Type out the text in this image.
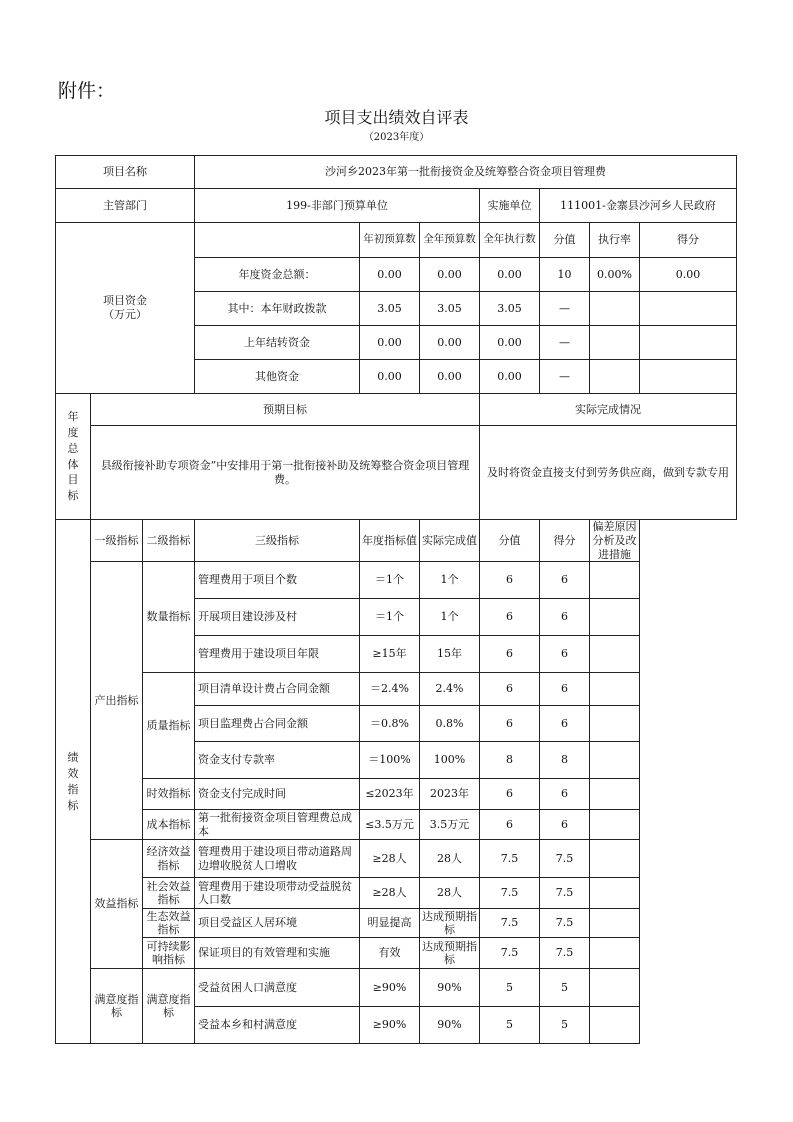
附件：
项目支出绩效自评表
（2023年度）
项目名称			沙河乡2023年第一批衔接资金及统筹整合资金项目管理费						
主管部门			199-非部门预算单位			实施单位	111001-金寨县沙河乡人民政府		
项目资金（万元）				年初预算数	全年预算数	全年执行数	分值	执行率	得分
			年度资金总额：	0.00	0.00	0.00	10	0.00%	0.00
			其中：本年财政拨款	3.05	3.05	3.05	—		
			上年结转资金	0.00	0.00	0.00	—		
			其他资金	0.00	0.00	0.00	—		
年度总体目标	预期目标					实际完成情况			
	县级衔接补助专项资金”中安排用于第一批衔接补助及统筹整合资金项目管理费。					及时将资金直接支付到劳务供应商，做到专款专用			
绩效指标	一级指标	二级指标	三级指标	年度指标值	实际完成值	分值	得分	偏差原因分析及改进措施	
	产出指标	数量指标	管理费用于项目个数	＝1个	1个	6	6		
			开展项目建设涉及村	＝1个	1个	6	6		
			管理费用于建设项目年限	≥15年	15年	6	6		
		质量指标	项目清单设计费占合同金额	＝2.4%	2.4%	6	6		
			项目监理费占合同金额	＝0.8%	0.8%	6	6		
			资金支付专款率	＝100%	100%	8	8		
		时效指标	资金支付完成时间	≤2023年	2023年	6	6		
		成本指标	第一批衔接资金项目管理费总成本	≤3.5万元	3.5万元	6	6		
	效益指标	经济效益指标	管理费用于建设项目带动道路周边增收脱贫人口增收	≥28人	28人	7.5	7.5		
		社会效益指标	管理费用于建设项带动受益脱贫人口数	≥28人	28人	7.5	7.5		
		生态效益指标	项目受益区人居环境	明显提高	达成预期指标	7.5	7.5		
		可持续影响指标	保证项目的有效管理和实施	有效	达成预期指标	7.5	7.5		
	满意度指标	满意度指标	受益贫困人口满意度	≥90%	90%	5	5		
			受益本乡和村满意度	≥90%	90%	5	5		
